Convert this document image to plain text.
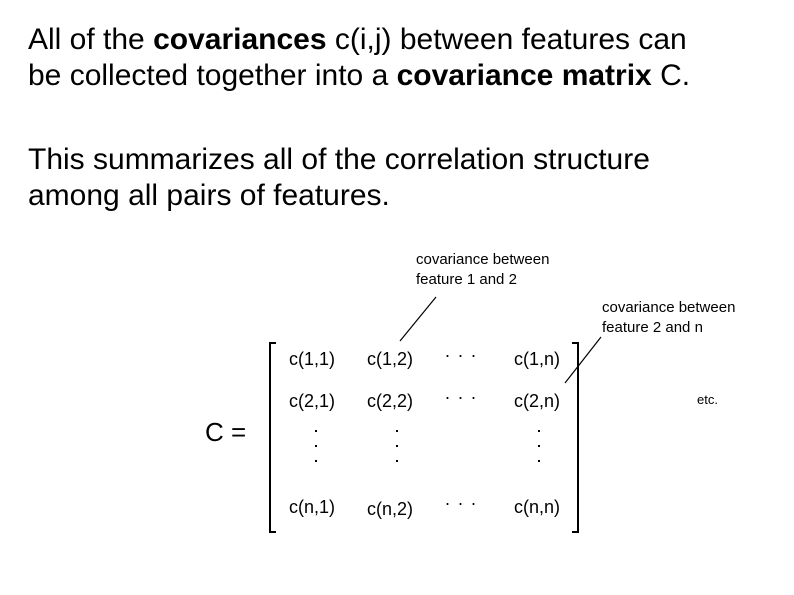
All of the covariances c(i,j) between features can
be collected together into a covariance matrix C.

This summarizes all of the correlation structure
among all pairs of features.

covariance between
feature 1 and 2
covariance between
feature 2 and n
etc.
C =
c(1,1) c(1,2) · · · c(1,n)
c(2,1) c(2,2) · · · c(2,n)
c(n,1) c(n,2) · · · c(n,n)
